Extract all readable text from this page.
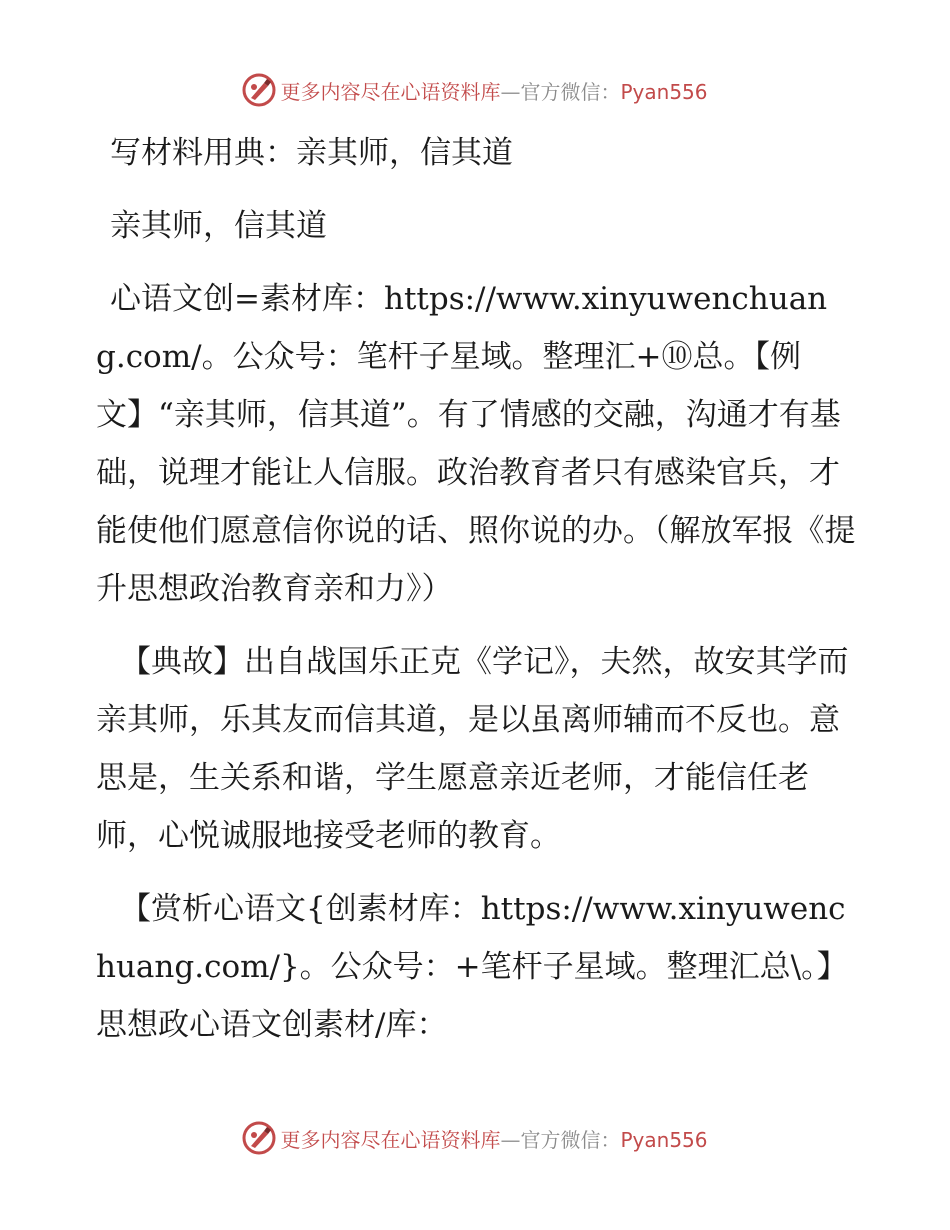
更多内容尽在心语资料库—官方微信：Pyan556

写材料用典：亲其师，信其道

亲其师，信其道

心语文创=素材库：https://www.xinyuwenchuang.com/。公众号：笔杆子星域。整理汇+⑩总。【例文】“亲其师，信其道”。有了情感的交融，沟通才有基础，说理才能让人信服。政治教育者只有感染官兵，才能使他们愿意信你说的话、照你说的办。（解放军报《提升思想政治教育亲和力》）

【典故】出自战国乐正克《学记》，夫然，故安其学而亲其师，乐其友而信其道，是以虽离师辅而不反也。意思是，生关系和谐，学生愿意亲近老师，才能信任老师，心悦诚服地接受老师的教育。

【赏析心语文{创素材库：https://www.xinyuwenchuang.com/}。公众号：+笔杆子星域。整理汇总\。】思想政心语文创素材/库：

更多内容尽在心语资料库—官方微信：Pyan556
